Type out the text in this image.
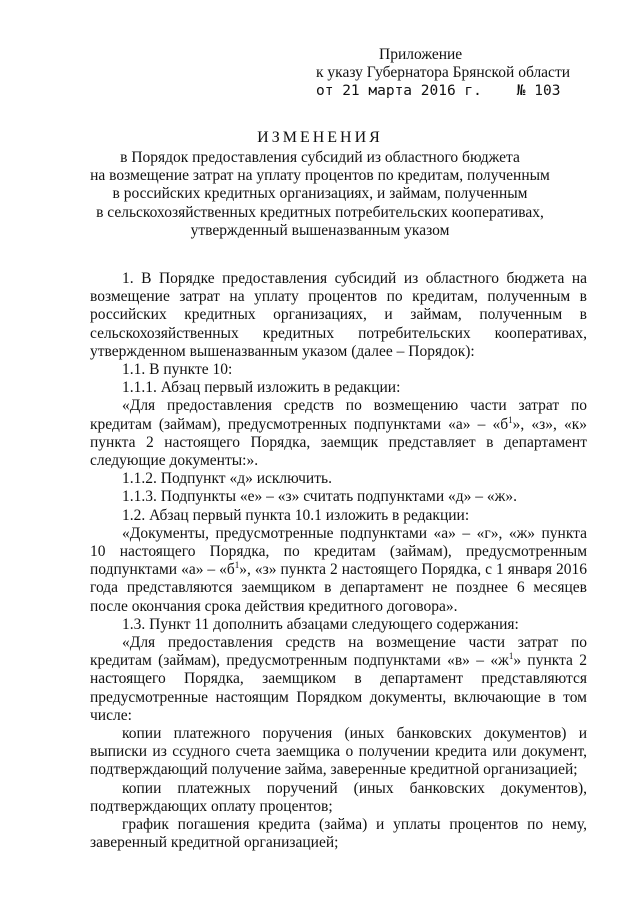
Приложение
к указу Губернатора Брянской области
от 21 марта 2016 г.    № 103
ИЗМЕНЕНИЯ
в Порядок предоставления субсидий из областного бюджета
на возмещение затрат на уплату процентов по кредитам, полученным
в российских кредитных организациях, и займам, полученным
в сельскохозяйственных кредитных потребительских кооперативах,
утвержденный вышеназванным указом

1. В Порядке предоставления субсидий из областного бюджета на возмещение затрат на уплату процентов по кредитам, полученным в российских кредитных организациях, и займам, полученным в сельскохозяйственных кредитных потребительских кооперативах, утвержденном вышеназванным указом (далее – Порядок):

1.1. В пункте 10:

1.1.1. Абзац первый изложить в редакции:

«Для предоставления средств по возмещению части затрат по кредитам (займам), предусмотренных подпунктами «а» – «$б^1$», «з», «к» пункта 2 настоящего Порядка, заемщик представляет в департамент следующие документы:».

1.1.2. Подпункт «д» исключить.

1.1.3. Подпункты «е» – «з» считать подпунктами «д» – «ж».

1.2. Абзац первый пункта 10.1 изложить в редакции:

«Документы, предусмотренные подпунктами «а» – «г», «ж» пункта 10 настоящего Порядка, по кредитам (займам), предусмотренным подпунктами «а» – «$б^1$», «з» пункта 2 настоящего Порядка, с 1 января 2016 года представляются заемщиком в департамент не позднее 6 месяцев после окончания срока действия кредитного договора».

1.3. Пункт 11 дополнить абзацами следующего содержания:

«Для предоставления средств на возмещение части затрат по кредитам (займам), предусмотренным подпунктами «в» – «$ж^1$» пункта 2 настоящего Порядка, заемщиком в департамент представляются предусмотренные настоящим Порядком документы, включающие в том числе:

копии платежного поручения (иных банковских документов) и выписки из ссудного счета заемщика о получении кредита или документ, подтверждающий получение займа, заверенные кредитной организацией;

копии платежных поручений (иных банковских документов), подтверждающих оплату процентов;

график погашения кредита (займа) и уплаты процентов по нему, заверенный кредитной организацией;
